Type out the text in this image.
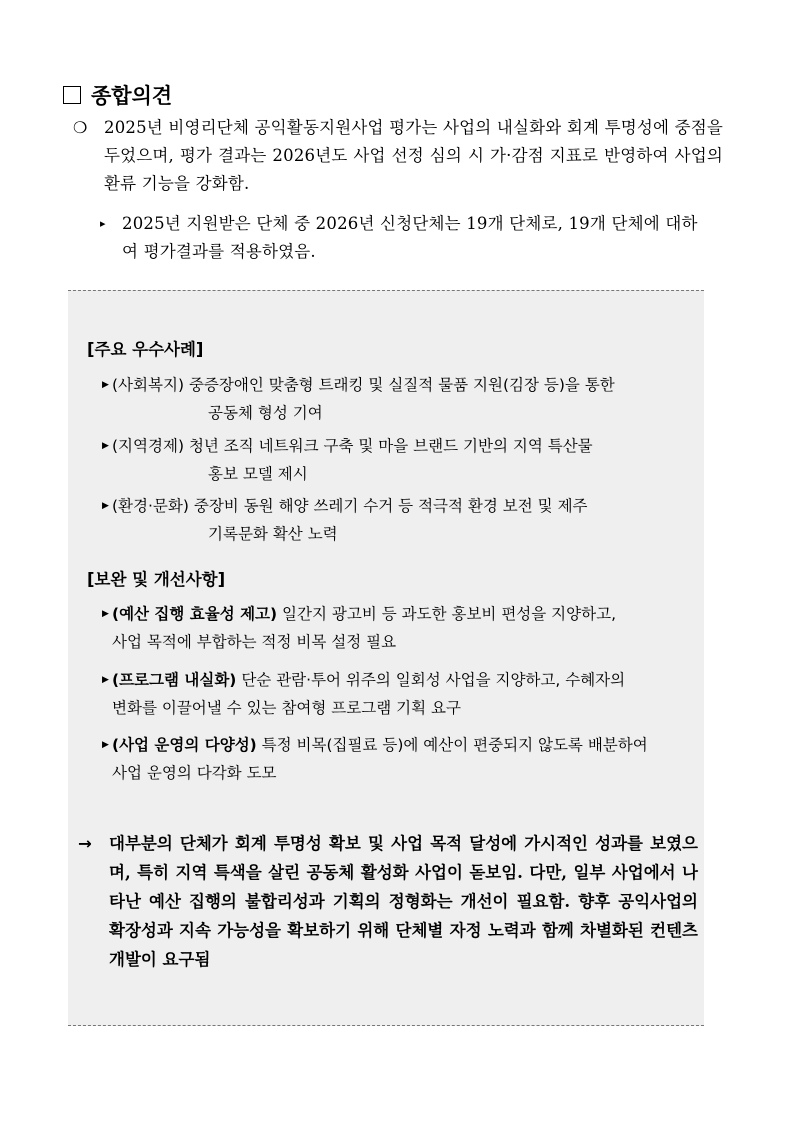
종합의견
❍ 2025년 비영리단체 공익활동지원사업 평가는 사업의 내실화와 회계 투명성에 중점을 두었으며, 평가 결과는 2026년도 사업 선정 심의 시 가·감점 지표로 반영하여 사업의 환류 기능을 강화함.
▸ 2025년 지원받은 단체 중 2026년 신청단체는 19개 단체로, 19개 단체에 대하여 평가결과를 적용하였음.
[주요 우수사례]
▶ (사회복지) 중증장애인 맞춤형 트래킹 및 실질적 물품 지원(김장 등)을 통한
공동체 형성 기여
▶ (지역경제) 청년 조직 네트워크 구축 및 마을 브랜드 기반의 지역 특산물
홍보 모델 제시
▶ (환경·문화) 중장비 동원 해양 쓰레기 수거 등 적극적 환경 보전 및 제주
기록문화 확산 노력
[보완 및 개선사항]
▶ (예산 집행 효율성 제고) 일간지 광고비 등 과도한 홍보비 편성을 지양하고,
사업 목적에 부합하는 적정 비목 설정 필요
▶ (프로그램 내실화) 단순 관람·투어 위주의 일회성 사업을 지양하고, 수혜자의
변화를 이끌어낼 수 있는 참여형 프로그램 기획 요구
▶ (사업 운영의 다양성) 특정 비목(집필료 등)에 예산이 편중되지 않도록 배분하여
사업 운영의 다각화 도모
→ 대부분의 단체가 회계 투명성 확보 및 사업 목적 달성에 가시적인 성과를 보였으며, 특히 지역 특색을 살린 공동체 활성화 사업이 돋보임. 다만, 일부 사업에서 나타난 예산 집행의 불합리성과 기획의 정형화는 개선이 필요함. 향후 공익사업의 확장성과 지속 가능성을 확보하기 위해 단체별 자정 노력과 함께 차별화된 컨텐츠 개발이 요구됨
